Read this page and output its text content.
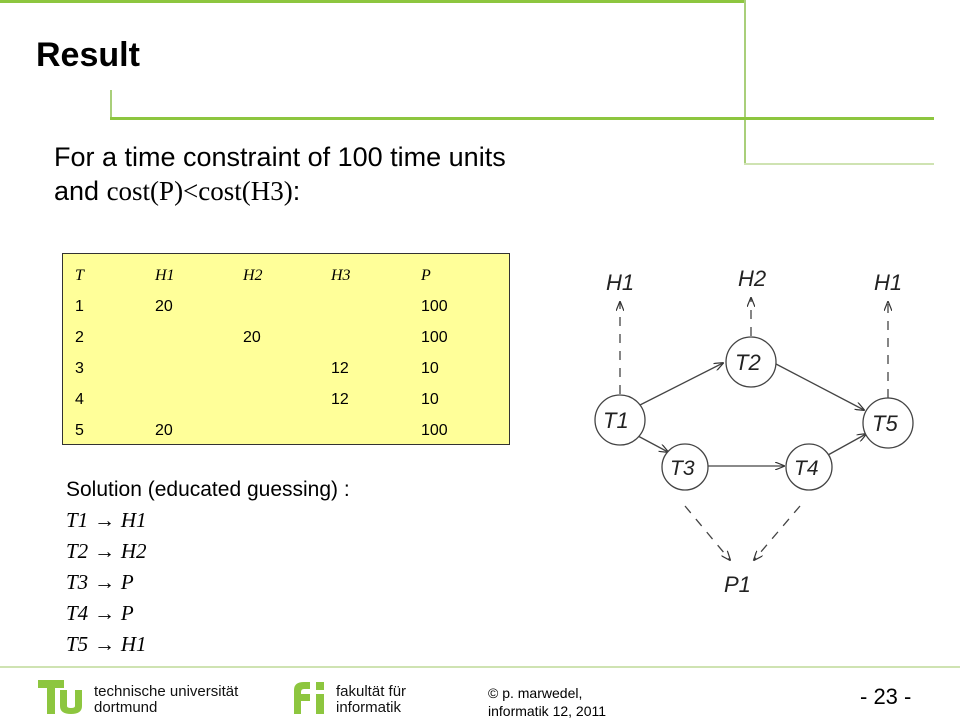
Result
For a time constraint of 100 time units
and cost(P)<cost(H3):
T	H1	H2	H3	P
1	20			100
2		20		100
3			12	10
4			12	10
5	20			100
Solution (educated guessing) :
T1 → H1
T2 → H2
T3 → P
T4 → P
T5 → H1
H1	H2	H1
T1
T2
T3	T4
T5
P1
technische universität
dortmund
fakultät für
informatik
© p. marwedel,
informatik 12, 2011
- 23 -
